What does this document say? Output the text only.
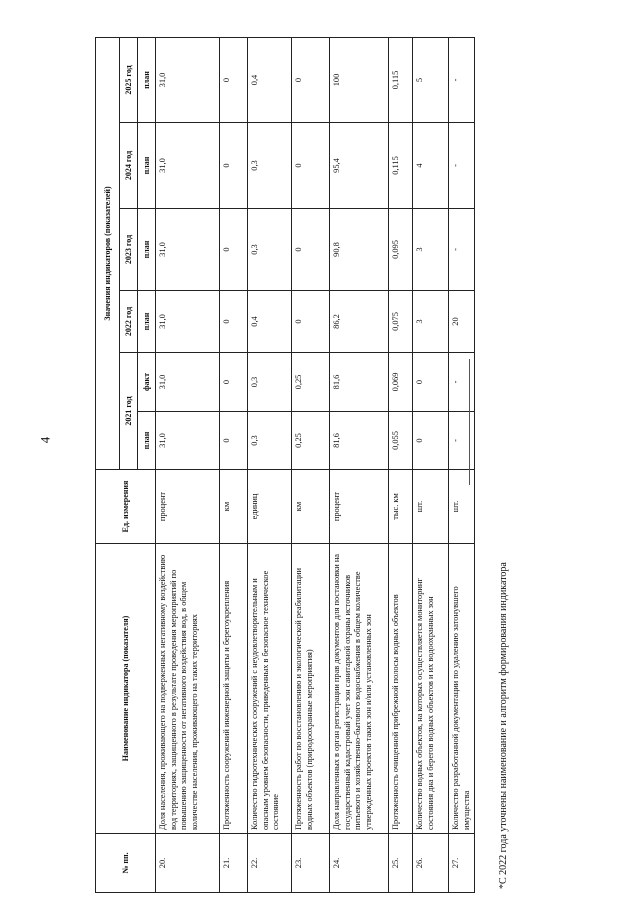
4
№ пп.	Наименование индикатора (показателя)	Ед. измерения	Значения индикаторов (показателей)					
			2021 год		2022 год	2023 год	2024 год	2025 год
			план	факт	план	план	план	план
20.	Доля населения, проживающего на подверженных негативному воздействию вод территориях, защищенного в результате проведения мероприятий по повышению защищенности от негативного воздействия вод, в общем количестве населения, проживающего на таких территориях	процент	31,0	31,0	31,0	31,0	31,0	31,0
21.	Протяженность сооружений инженерной защиты и берегоукрепления	км	0	0	0	0	0	0
22.	Количество гидротехнических сооружений с неудовлетворительным и опасным уровнем безопасности, приведенных в безопасное техническое состояние	единиц	0,3	0,3	0,4	0,3	0,3	0,4
23.	Протяженность работ по восстановлению и экологической реабилитации водных объектов (природоохранные мероприятия)	км	0,25	0,25	0	0	0	0
24.	Доля направленных в орган регистрации прав документов для постановки на государственный кадастровый учет зон санитарной охраны источников питьевого и хозяйственно-бытового водоснабжения в общем количестве утвержденных проектов таких зон и/или установленных зон	процент	81,6	81,6	86,2	90,8	95,4	100
25.	Протяженность очищенной прибрежной полосы водных объектов	тыс. км	0,055	0,069	0,075	0,095	0,115	0,115
26.	Количество водных объектов, на которых осуществляется мониторинг состояния дна и берегов водных объектов и их водоохранных зон	шт.	0	0	3	3	4	5
27.	Количество разработанной документации по удалению затонувшего имущества	шт.	-	-	20	-	-	-
*С 2022 года уточнены наименование и алгоритм формирования индикатора
